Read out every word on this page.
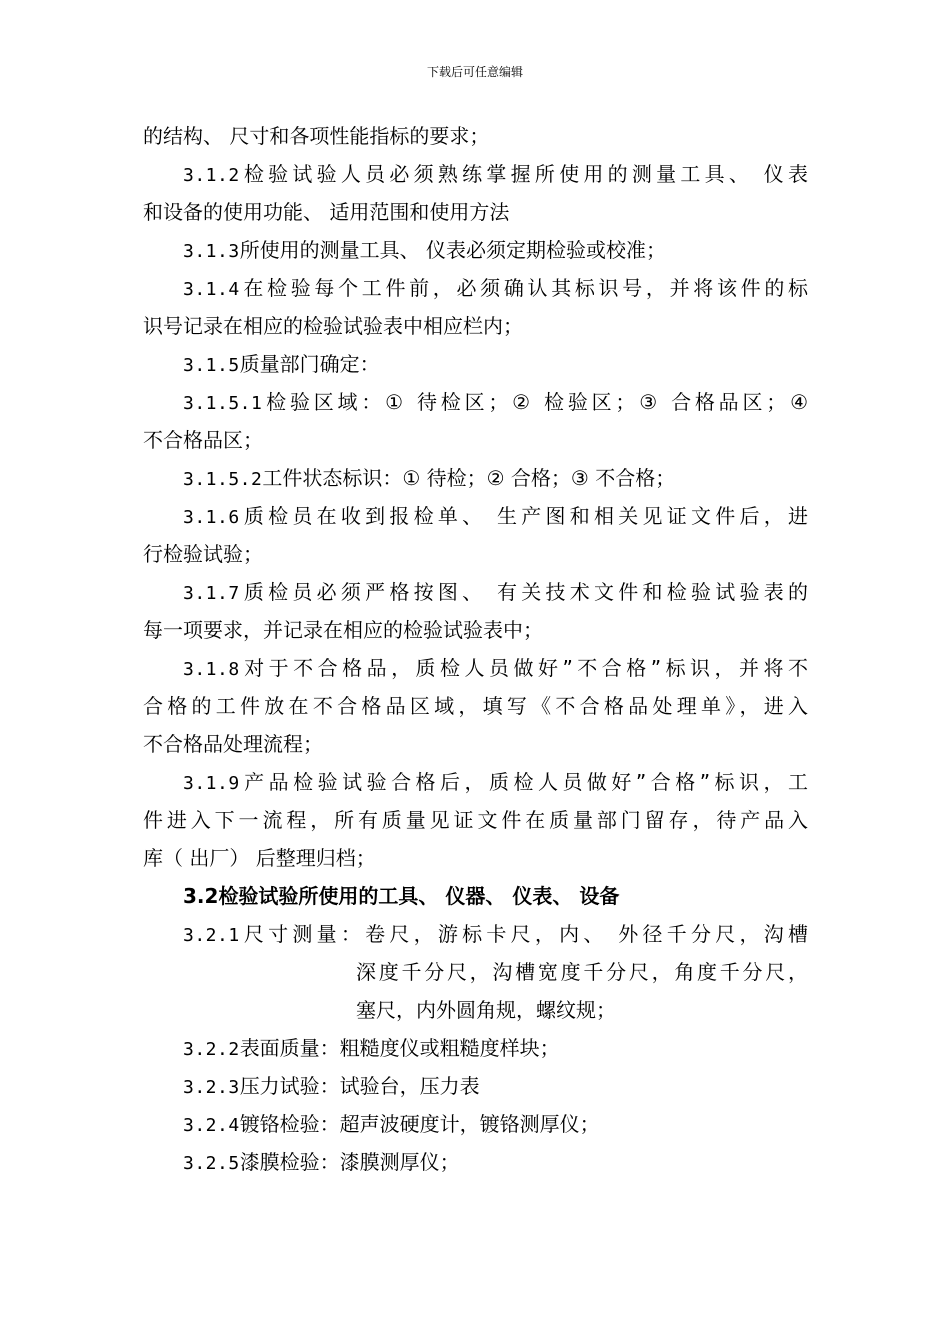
下载后可任意编辑
的结构、 尺寸和各项性能指标的要求；
3.1.2检验试验人员必须熟练掌握所使用的测量工具、 仪表
和设备的使用功能、 适用范围和使用方法
3.1.3所使用的测量工具、 仪表必须定期检验或校准；
3.1.4在检验每个工件前，必须确认其标识号，并将该件的标
识号记录在相应的检验试验表中相应栏内；
3.1.5质量部门确定：
3.1.5.1检验区域：① 待检区；② 检验区；③ 合格品区；④
不合格品区；
3.1.5.2工件状态标识：① 待检；② 合格；③ 不合格；
3.1.6质检员在收到报检单、 生产图和相关见证文件后，进
行检验试验；
3.1.7质检员必须严格按图、 有关技术文件和检验试验表的
每一项要求，并记录在相应的检验试验表中；
3.1.8对于不合格品，质检人员做好”不合格”标识，并将不
合格的工件放在不合格品区域，填写《不合格品处理单》，进入
不合格品处理流程；
3.1.9产品检验试验合格后，质检人员做好”合格”标识，工
件进入下一流程，所有质量见证文件在质量部门留存，待产品入
库（ 出厂） 后整理归档；
3.2检验试验所使用的工具、 仪器、 仪表、 设备
3.2.1尺寸测量：卷尺，游标卡尺，内、 外径千分尺，沟槽
深度千分尺，沟槽宽度千分尺，角度千分尺，
塞尺，内外圆角规，螺纹规；
3.2.2表面质量：粗糙度仪或粗糙度样块；
3.2.3压力试验：试验台，压力表
3.2.4镀铬检验：超声波硬度计，镀铬测厚仪；
3.2.5漆膜检验：漆膜测厚仪；
